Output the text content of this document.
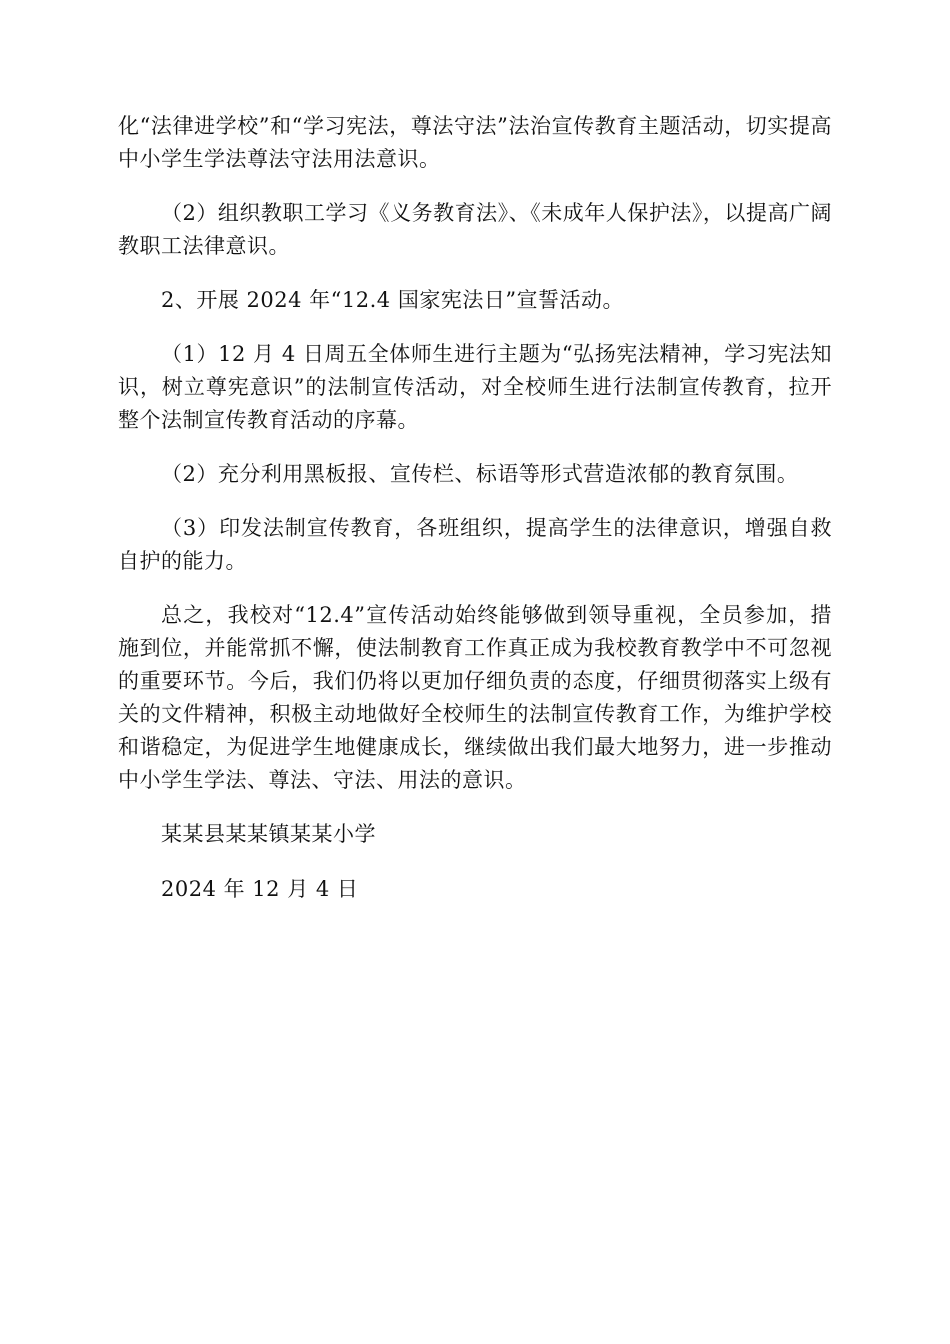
化“法律进学校”和“学习宪法，尊法守法”法治宣传教育主题活动，切实提高中小学生学法尊法守法用法意识。

（2）组织教职工学习《义务教育法》、《未成年人保护法》，以提高广阔教职工法律意识。

2、开展 2024 年“12.4 国家宪法日”宣誓活动。

（1）12 月 4 日周五全体师生进行主题为“弘扬宪法精神，学习宪法知识，树立尊宪意识”的法制宣传活动，对全校师生进行法制宣传教育，拉开整个法制宣传教育活动的序幕。

（2）充分利用黑板报、宣传栏、标语等形式营造浓郁的教育氛围。

（3）印发法制宣传教育，各班组织，提高学生的法律意识，增强自救自护的能力。

总之，我校对“12.4”宣传活动始终能够做到领导重视，全员参加，措施到位，并能常抓不懈，使法制教育工作真正成为我校教育教学中不可忽视的重要环节。今后，我们仍将以更加仔细负责的态度，仔细贯彻落实上级有关的文件精神，积极主动地做好全校师生的法制宣传教育工作，为维护学校和谐稳定，为促进学生地健康成长，继续做出我们最大地努力，进一步推动中小学生学法、尊法、守法、用法的意识。

某某县某某镇某某小学

2024 年 12 月 4 日
